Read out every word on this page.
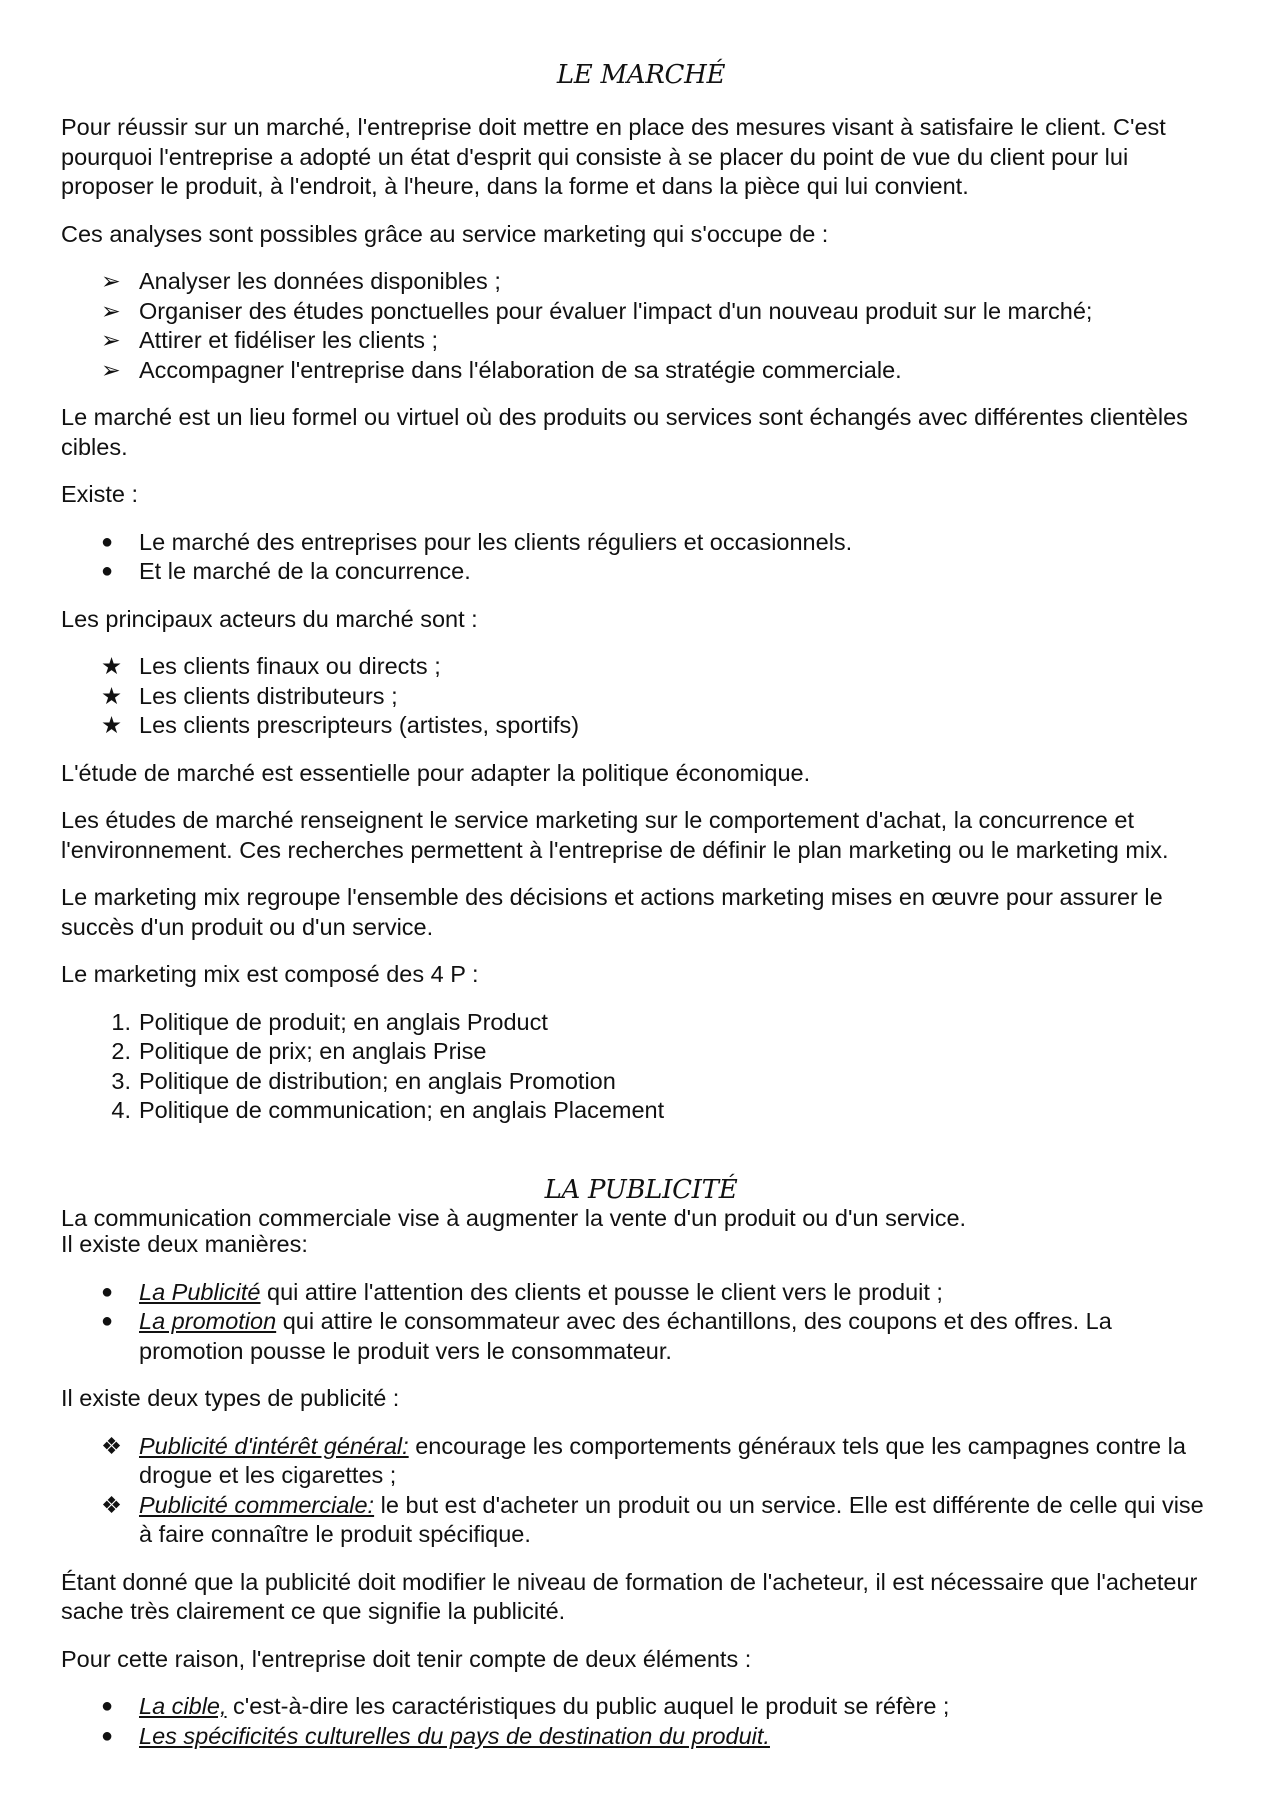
LE MARCHÉ

Pour réussir sur un marché, l'entreprise doit mettre en place des mesures visant à satisfaire le client. C'est pourquoi l'entreprise a adopté un état d'esprit qui consiste à se placer du point de vue du client pour lui proposer le produit, à l'endroit, à l'heure, dans la forme et dans la pièce qui lui convient.

Ces analyses sont possibles grâce au service marketing qui s'occupe de :

➢ Analyser les données disponibles ;
➢ Organiser des études ponctuelles pour évaluer l'impact d'un nouveau produit sur le marché;
➢ Attirer et fidéliser les clients ;
➢ Accompagner l'entreprise dans l'élaboration de sa stratégie commerciale.

Le marché est un lieu formel ou virtuel où des produits ou services sont échangés avec différentes clientèles cibles.

Existe :

●	Le marché des entreprises pour les clients réguliers et occasionnels.
●	Et le marché de la concurrence.

Les principaux acteurs du marché sont :

★ Les clients finaux ou directs ;
★ Les clients distributeurs ;
★ Les clients prescripteurs (artistes, sportifs)

L'étude de marché est essentielle pour adapter la politique économique.

Les études de marché renseignent le service marketing sur le comportement d'achat, la concurrence et l'environnement. Ces recherches permettent à l'entreprise de définir le plan marketing ou le marketing mix.

Le marketing mix regroupe l'ensemble des décisions et actions marketing mises en œuvre pour assurer le succès d'un produit ou d'un service.

Le marketing mix est composé des 4 P :

1. Politique de produit; en anglais Product
2. Politique de prix; en anglais Prise
3. Politique de distribution; en anglais Promotion
4. Politique de communication; en anglais Placement
LA PUBLICITÉ

La communication commerciale vise à augmenter la vente d'un produit ou d'un service.

Il existe deux manières:

●	La Publicité qui attire l'attention des clients et pousse le client vers le produit ;
●	La promotion qui attire le consommateur avec des échantillons, des coupons et des offres. La promotion pousse le produit vers le consommateur.

Il existe deux types de publicité :

❖ Publicité d'intérêt général: encourage les comportements généraux tels que les campagnes contre la drogue et les cigarettes ;
❖ Publicité commerciale: le but est d'acheter un produit ou un service. Elle est différente de celle qui vise à faire connaître le produit spécifique.

Étant donné que la publicité doit modifier le niveau de formation de l'acheteur, il est nécessaire que l'acheteur sache très clairement ce que signifie la publicité.

Pour cette raison, l'entreprise doit tenir compte de deux éléments :

●	La cible, c'est-à-dire les caractéristiques du public auquel le produit se réfère ;
●	Les spécificités culturelles du pays de destination du produit.
